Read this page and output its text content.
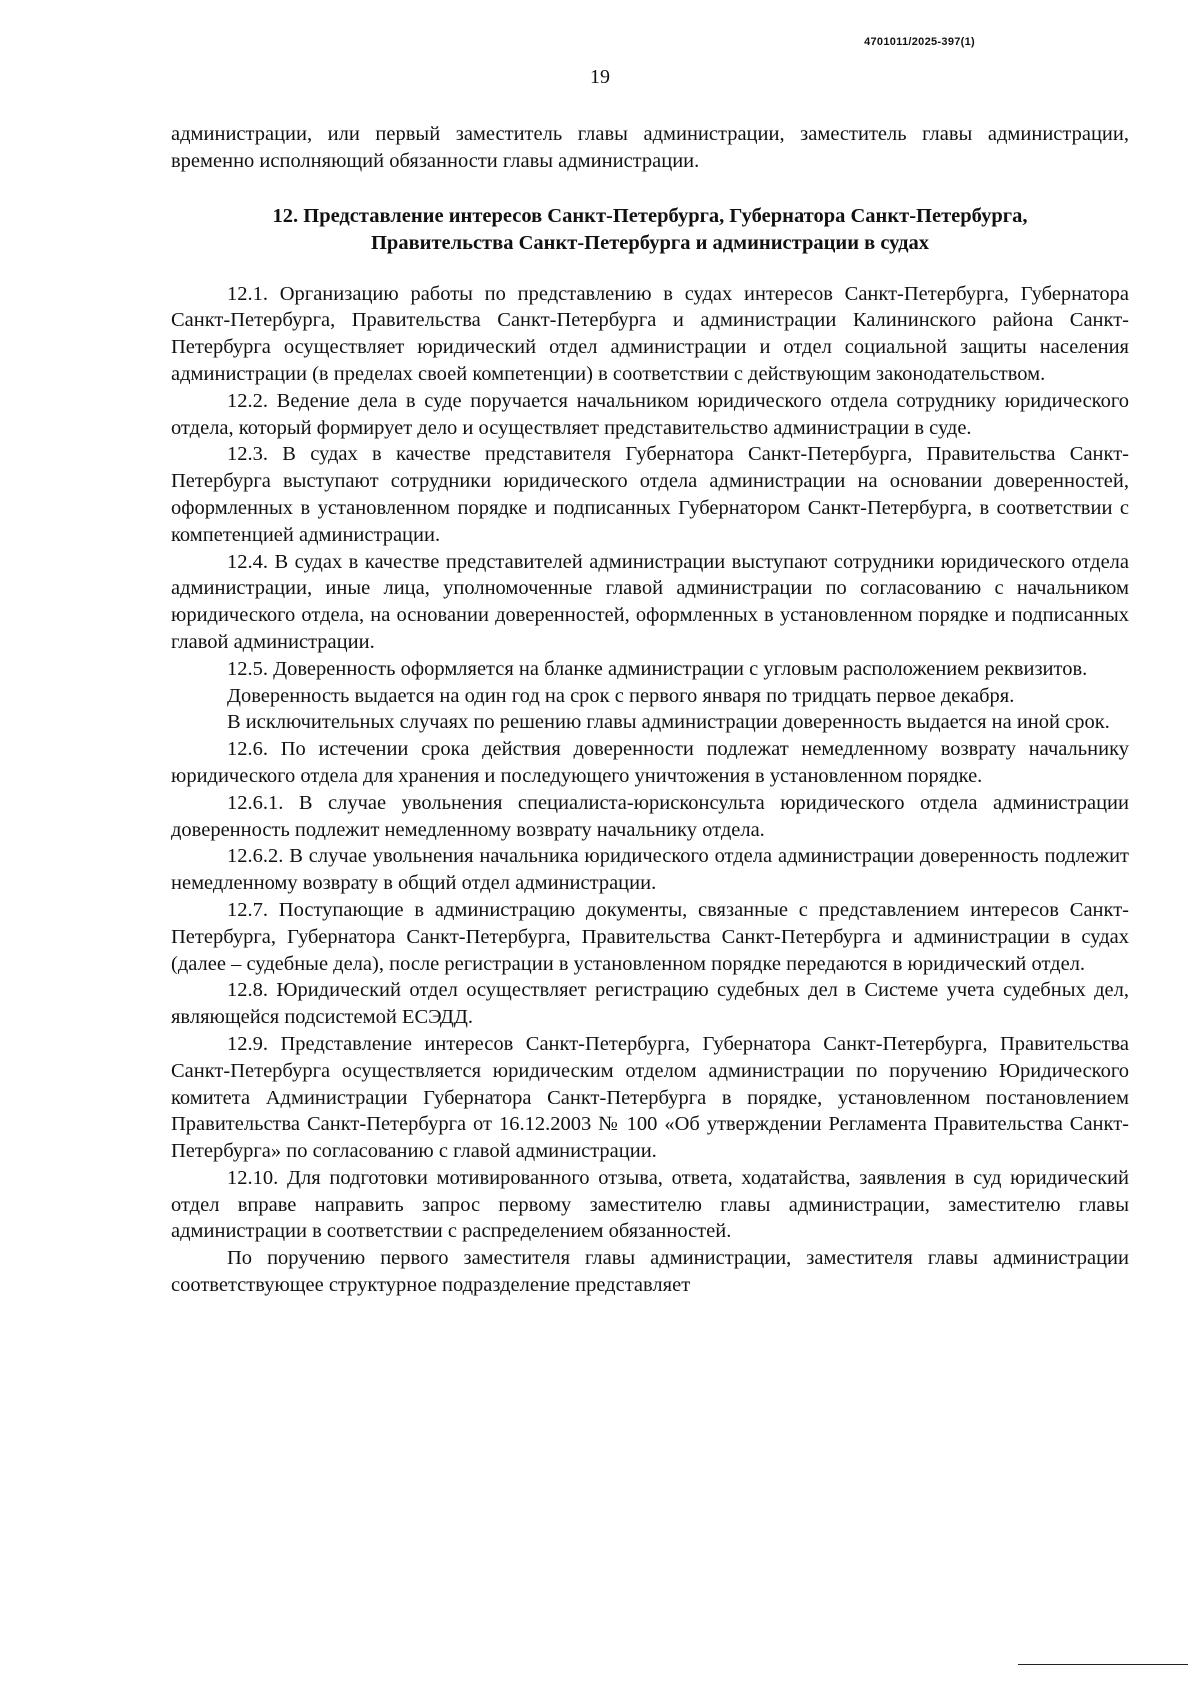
4701011/2025-397(1)
19

администрации, или первый заместитель главы администрации, заместитель главы администрации, временно исполняющий обязанности главы администрации.

12. Представление интересов Санкт-Петербурга, Губернатора Санкт-Петербурга,
Правительства Санкт-Петербурга и администрации в судах

12.1. Организацию работы по представлению в судах интересов Санкт-Петербурга, Губернатора Санкт-Петербурга, Правительства Санкт-Петербурга и администрации Калининского района Санкт-Петербурга осуществляет юридический отдел администрации и отдел социальной защиты населения администрации (в пределах своей компетенции) в соответствии с действующим законодательством.

12.2. Ведение дела в суде поручается начальником юридического отдела сотруднику юридического отдела, который формирует дело и осуществляет представительство администрации в суде.

12.3. В судах в качестве представителя Губернатора Санкт-Петербурга, Правительства Санкт-Петербурга выступают сотрудники юридического отдела администрации на основании доверенностей, оформленных в установленном порядке и подписанных Губернатором Санкт-Петербурга, в соответствии с компетенцией администрации.

12.4. В судах в качестве представителей администрации выступают сотрудники юридического отдела администрации, иные лица, уполномоченные главой администрации по согласованию с начальником юридического отдела, на основании доверенностей, оформленных в установленном порядке и подписанных главой администрации.

12.5. Доверенность оформляется на бланке администрации с угловым расположением реквизитов.

Доверенность выдается на один год на срок с первого января по тридцать первое декабря.

В исключительных случаях по решению главы администрации доверенность выдается на иной срок.

12.6. По истечении срока действия доверенности подлежат немедленному возврату начальнику юридического отдела для хранения и последующего уничтожения в установленном порядке.

12.6.1. В случае увольнения специалиста-юрисконсульта юридического отдела администрации доверенность подлежит немедленному возврату начальнику отдела.

12.6.2. В случае увольнения начальника юридического отдела администрации доверенность подлежит немедленному возврату в общий отдел администрации.

12.7. Поступающие в администрацию документы, связанные с представлением интересов Санкт-Петербурга, Губернатора Санкт-Петербурга, Правительства Санкт-Петербурга и администрации в судах (далее – судебные дела), после регистрации в установленном порядке передаются в юридический отдел.

12.8. Юридический отдел осуществляет регистрацию судебных дел в Системе учета судебных дел, являющейся подсистемой ЕСЭДД.

12.9. Представление интересов Санкт-Петербурга, Губернатора Санкт-Петербурга, Правительства Санкт-Петербурга осуществляется юридическим отделом администрации по поручению Юридического комитета Администрации Губернатора Санкт-Петербурга в порядке, установленном постановлением Правительства Санкт-Петербурга от 16.12.2003 № 100 «Об утверждении Регламента Правительства Санкт-Петербурга» по согласованию с главой администрации.

12.10. Для подготовки мотивированного отзыва, ответа, ходатайства, заявления в суд юридический отдел вправе направить запрос первому заместителю главы администрации, заместителю главы администрации в соответствии с распределением обязанностей.

По поручению первого заместителя главы администрации, заместителя главы администрации соответствующее структурное подразделение представляет
